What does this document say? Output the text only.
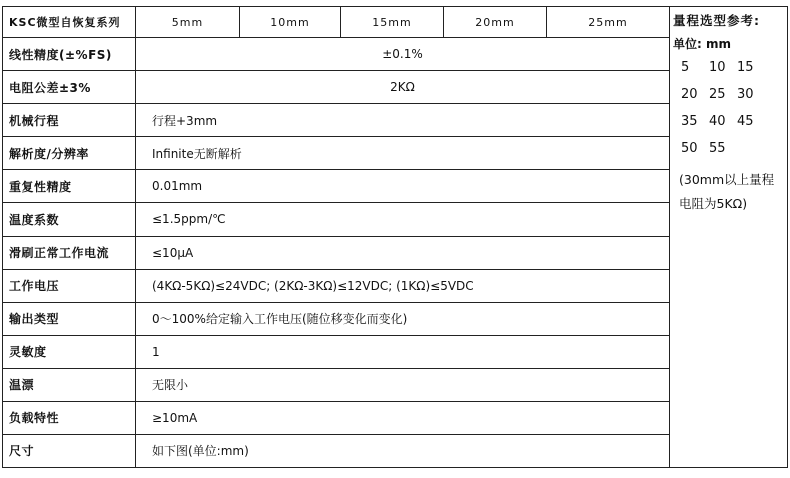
KSC微型自恢复系列	5mm	10mm	15mm	20mm	25mm
线性精度(±%FS)	±0.1%				
电阻公差±3%	2KΩ				
机械行程	行程+3mm				
解析度/分辨率	Infinite无断解析				
重复性精度	0.01mm				
温度系数	≤1.5ppm/℃				
滑刷正常工作电流	≤10μA				
工作电压	(4KΩ-5KΩ)≤24VDC; (2KΩ-3KΩ)≤12VDC; (1KΩ)≤5VDC				
输出类型	0～100%给定输入工作电压(随位移变化而变化)				
灵敏度	1				
温漂	无限小				
负载特性	≥10mA				
尺寸	如下图(单位:mm)				
量程选型参考:
单位: mm
5 10 15
20 25 30
35 40 45
50 55
(30mm以上量程
电阻为5KΩ)
